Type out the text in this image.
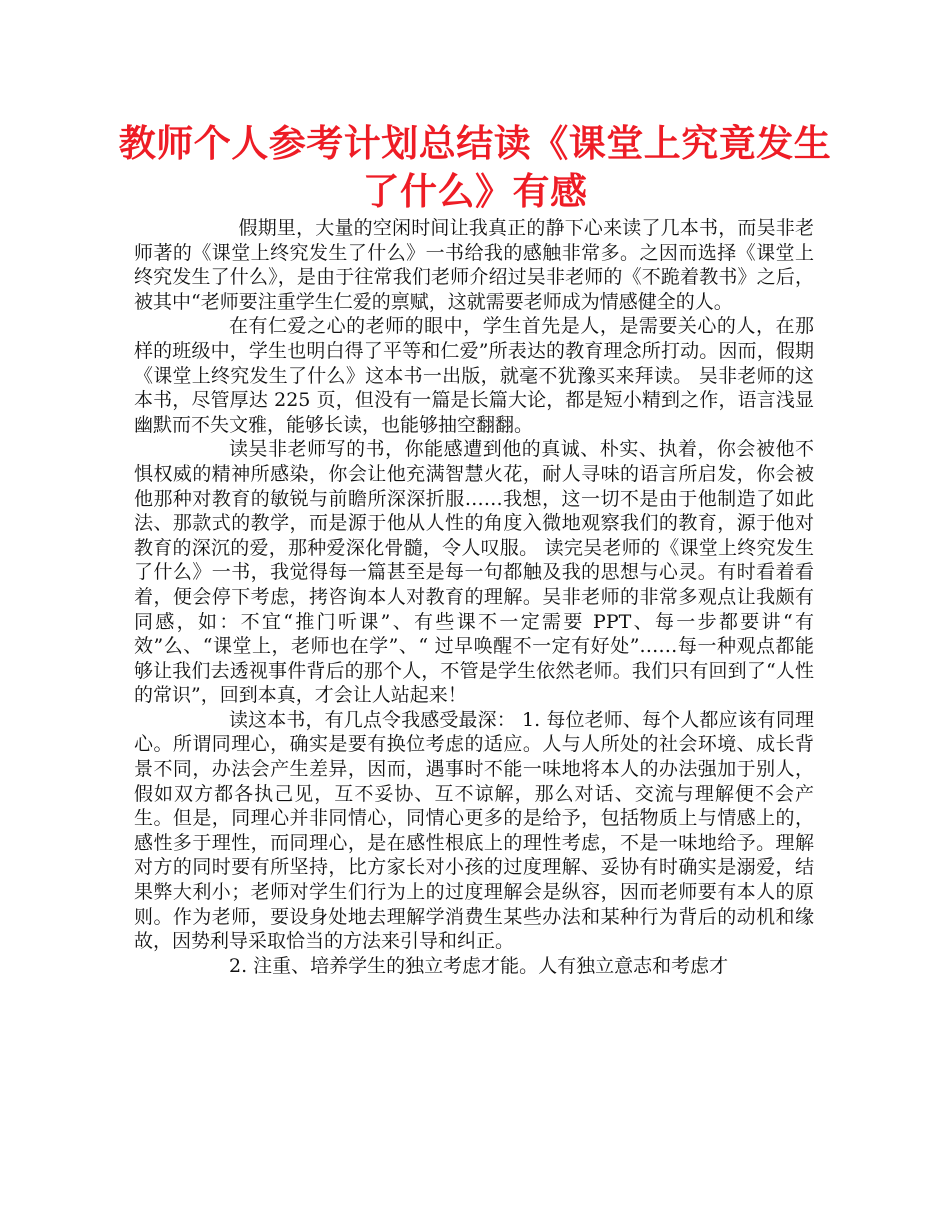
教师个人参考计划总结读《课堂上究竟发生了什么》有感

假期里，大量的空闲时间让我真正的静下心来读了几本书，而吴非老师著的《课堂上终究发生了什么》一书给我的感触非常多。之因而选择《课堂上终究发生了什么》，是由于往常我们老师介绍过吴非老师的《不跪着教书》之后，被其中“老师要注重学生仁爱的禀赋，这就需要老师成为情感健全的人。

在有仁爱之心的老师的眼中，学生首先是人，是需要关心的人，在那样的班级中，学生也明白得了平等和仁爱”所表达的教育理念所打动。因而，假期《课堂上终究发生了什么》这本书一出版，就毫不犹豫买来拜读。 吴非老师的这本书，尽管厚达 225 页，但没有一篇是长篇大论，都是短小精到之作，语言浅显幽默而不失文雅，能够长读，也能够抽空翻翻。

读吴非老师写的书，你能感遭到他的真诚、朴实、执着，你会被他不惧权威的精神所感染，你会让他充满智慧火花，耐人寻味的语言所启发，你会被他那种对教育的敏锐与前瞻所深深折服……我想，这一切不是由于他制造了如此法、那款式的教学，而是源于他从人性的角度入微地观察我们的教育，源于他对教育的深沉的爱，那种爱深化骨髓，令人叹服。 读完吴老师的《课堂上终究发生了什么》一书，我觉得每一篇甚至是每一句都触及我的思想与心灵。有时看着看着，便会停下考虑，拷咨询本人对教育的理解。吴非老师的非常多观点让我颇有同感，如：不宜“推门听课”、有些课不一定需要 PPT、每一步都要讲“有效”么、“课堂上，老师也在学”、“ 过早唤醒不一定有好处”……每一种观点都能够让我们去透视事件背后的那个人，不管是学生依然老师。我们只有回到了“人性的常识”，回到本真，才会让人站起来！

读这本书，有几点令我感受最深： 1. 每位老师、每个人都应该有同理心。所谓同理心，确实是要有换位考虑的适应。人与人所处的社会环境、成长背景不同，办法会产生差异，因而，遇事时不能一味地将本人的办法强加于别人，假如双方都各执己见，互不妥协、互不谅解，那么对话、交流与理解便不会产生。但是，同理心并非同情心，同情心更多的是给予，包括物质上与情感上的，感性多于理性，而同理心，是在感性根底上的理性考虑，不是一味地给予。理解对方的同时要有所坚持，比方家长对小孩的过度理解、妥协有时确实是溺爱，结果弊大利小；老师对学生们行为上的过度理解会是纵容，因而老师要有本人的原则。作为老师，要设身处地去理解学消费生某些办法和某种行为背后的动机和缘故，因势利导采取恰当的方法来引导和纠正。

2. 注重、培养学生的独立考虑才能。人有独立意志和考虑才
